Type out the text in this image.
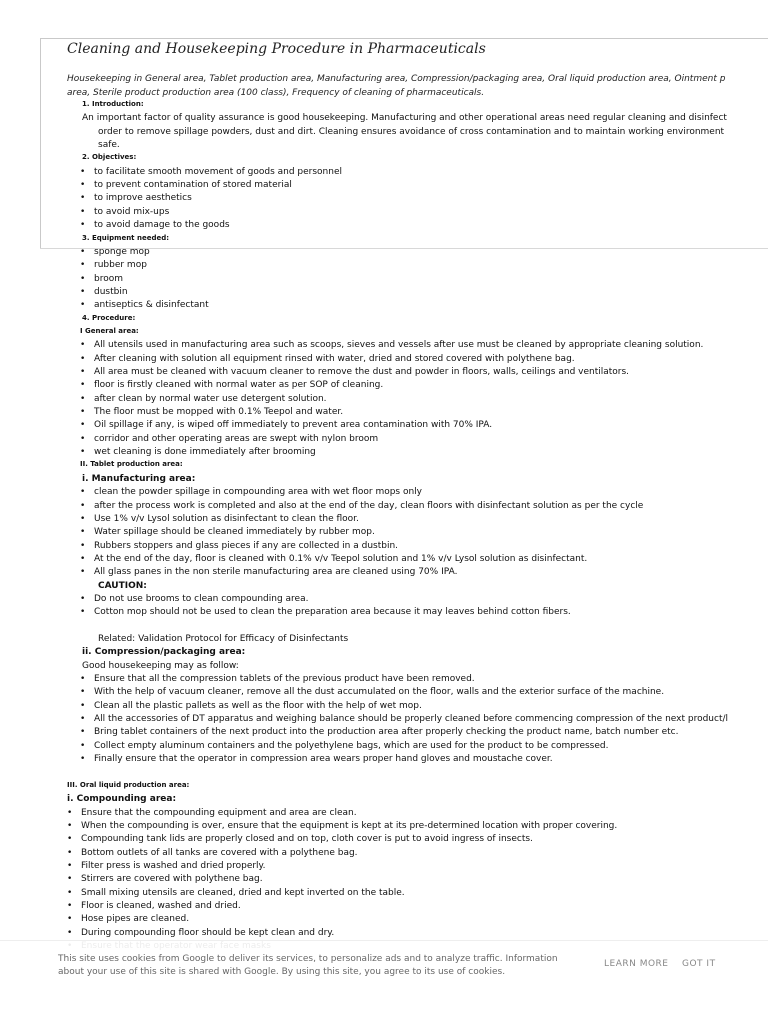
Cleaning and Housekeeping Procedure in Pharmaceuticals
Housekeeping in General area, Tablet production area, Manufacturing area, Compression/packaging area, Oral liquid production area, Ointment p
area, Sterile product production area (100 class), Frequency of cleaning of pharmaceuticals.
1. Introduction:
An important factor of quality assurance is good housekeeping. Manufacturing and other operational areas need regular cleaning and disinfect
order to remove spillage powders, dust and dirt. Cleaning ensures avoidance of cross contamination and to maintain working environment
safe.
2. Objectives:
• to facilitate smooth movement of goods and personnel
• to prevent contamination of stored material
• to improve aesthetics
• to avoid mix-ups
• to avoid damage to the goods
3. Equipment needed:
• sponge mop
• rubber mop
• broom
• dustbin
• antiseptics & disinfectant
4. Procedure:
I General area:
• All utensils used in manufacturing area such as scoops, sieves and vessels after use must be cleaned by appropriate cleaning solution.
• After cleaning with solution all equipment rinsed with water, dried and stored covered with polythene bag.
• All area must be cleaned with vacuum cleaner to remove the dust and powder in floors, walls, ceilings and ventilators.
• floor is firstly cleaned with normal water as per SOP of cleaning.
• after clean by normal water use detergent solution.
• The floor must be mopped with 0.1% Teepol and water.
• Oil spillage if any, is wiped off immediately to prevent area contamination with 70% IPA.
• corridor and other operating areas are swept with nylon broom
• wet cleaning is done immediately after brooming
II. Tablet production area:
i. Manufacturing area:
• clean the powder spillage in compounding area with wet floor mops only
• after the process work is completed and also at the end of the day, clean floors with disinfectant solution as per the cycle
• Use 1% v/v Lysol solution as disinfectant to clean the floor.
• Water spillage should be cleaned immediately by rubber mop.
• Rubbers stoppers and glass pieces if any are collected in a dustbin.
• At the end of the day, floor is cleaned with 0.1% v/v Teepol solution and 1% v/v Lysol solution as disinfectant.
• All glass panes in the non sterile manufacturing area are cleaned using 70% IPA.
CAUTION:
• Do not use brooms to clean compounding area.
• Cotton mop should not be used to clean the preparation area because it may leaves behind cotton fibers.
Related: Validation Protocol for Efficacy of Disinfectants
ii. Compression/packaging area:
Good housekeeping may as follow:
• Ensure that all the compression tablets of the previous product have been removed.
• With the help of vacuum cleaner, remove all the dust accumulated on the floor, walls and the exterior surface of the machine.
• Clean all the plastic pallets as well as the floor with the help of wet mop.
• All the accessories of DT apparatus and weighing balance should be properly cleaned before commencing compression of the next product/l
• Bring tablet containers of the next product into the production area after properly checking the product name, batch number etc.
• Collect empty aluminum containers and the polyethylene bags, which are used for the product to be compressed.
• Finally ensure that the operator in compression area wears proper hand gloves and moustache cover.
III. Oral liquid production area:
i. Compounding area:
• Ensure that the compounding equipment and area are clean.
• When the compounding is over, ensure that the equipment is kept at its pre-determined location with proper covering.
• Compounding tank lids are properly closed and on top, cloth cover is put to avoid ingress of insects.
• Bottom outlets of all tanks are covered with a polythene bag.
• Filter press is washed and dried properly.
• Stirrers are covered with polythene bag.
• Small mixing utensils are cleaned, dried and kept inverted on the table.
• Floor is cleaned, washed and dried.
• Hose pipes are cleaned.
• During compounding floor should be kept clean and dry.
This site uses cookies from Google to deliver its services, to personalize ads and to analyze traffic. Information about your use of this site is shared with Google. By using this site, you agree to its use of cookies.
LEARN MORE GOT IT
